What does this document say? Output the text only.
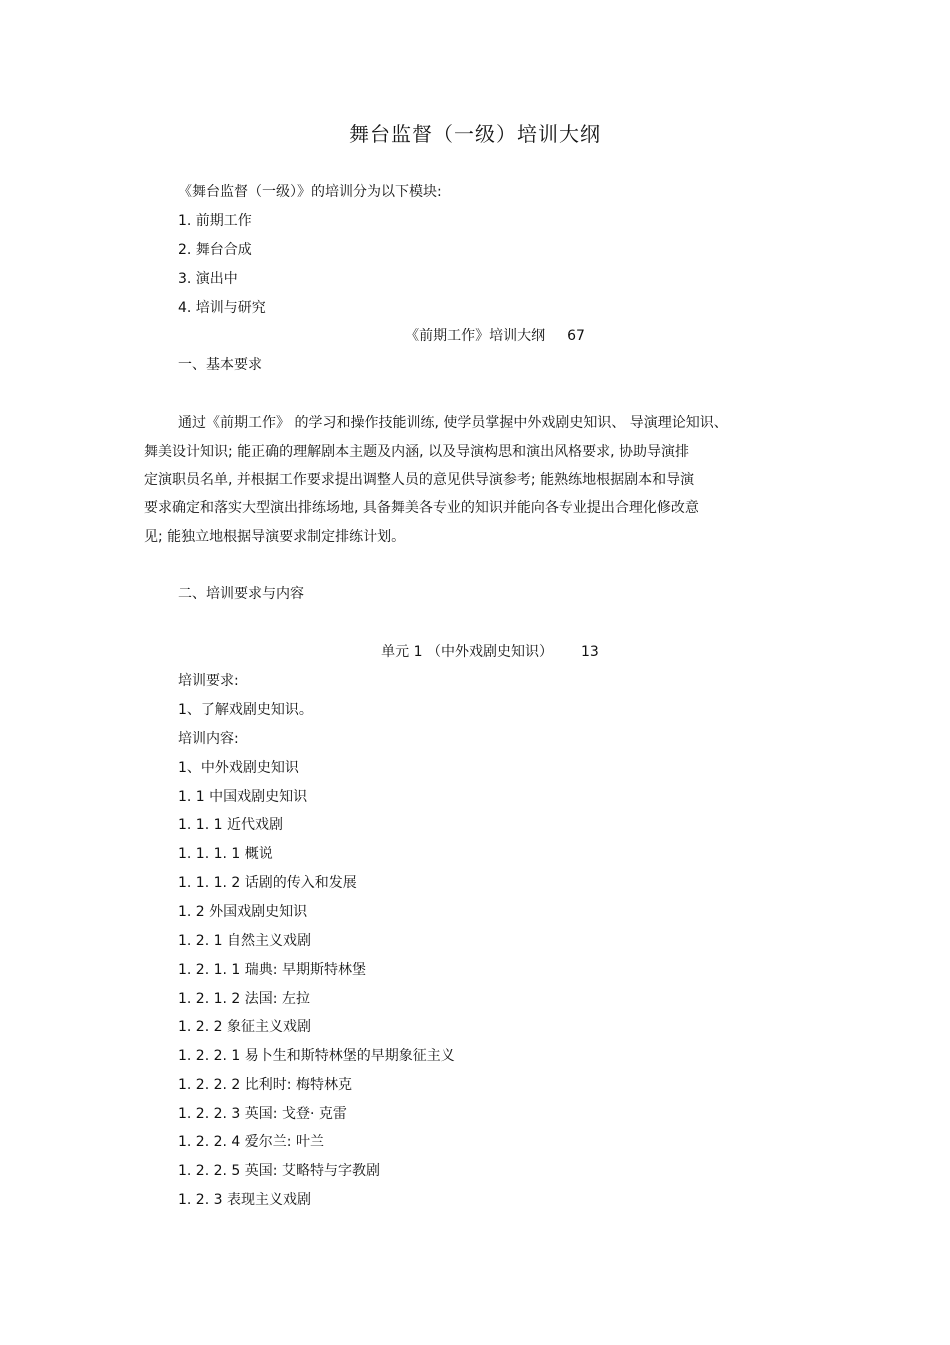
舞台监督（一级）培训大纲
《舞台监督（一级）》的培训分为以下模块:
1. 前期工作
2. 舞台合成
3. 演出中
4. 培训与研究
《前期工作》培训大纲 67
一、基本要求
通过《前期工作》 的学习和操作技能训练, 使学员掌握中外戏剧史知识、 导演理论知识、
舞美设计知识; 能正确的理解剧本主题及内涵, 以及导演构思和演出风格要求, 协助导演排
定演职员名单, 并根据工作要求提出调整人员的意见供导演参考; 能熟练地根据剧本和导演
要求确定和落实大型演出排练场地, 具备舞美各专业的知识并能向各专业提出合理化修改意
见; 能独立地根据导演要求制定排练计划。
二、培训要求与内容
单元 1 （中外戏剧史知识） 13
培训要求:
1、了解戏剧史知识。
培训内容:
1、中外戏剧史知识
1. 1 中国戏剧史知识
1. 1. 1 近代戏剧
1. 1. 1. 1 概说
1. 1. 1. 2 话剧的传入和发展
1. 2 外国戏剧史知识
1. 2. 1 自然主义戏剧
1. 2. 1. 1 瑞典: 早期斯特林堡
1. 2. 1. 2 法国: 左拉
1. 2. 2 象征主义戏剧
1. 2. 2. 1 易卜生和斯特林堡的早期象征主义
1. 2. 2. 2 比利时: 梅特林克
1. 2. 2. 3 英国: 戈登· 克雷
1. 2. 2. 4 爱尔兰: 叶兰
1. 2. 2. 5 英国: 艾略特与字教剧
1. 2. 3 表现主义戏剧
